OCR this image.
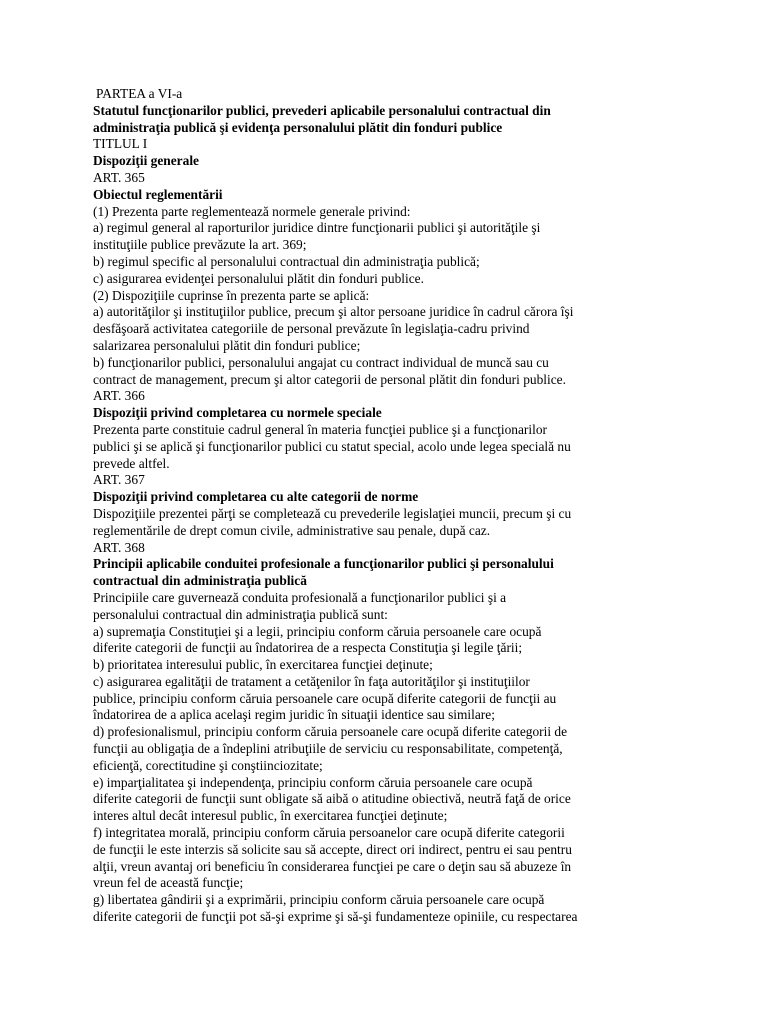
PARTEA a VI-a
Statutul funcţionarilor publici, prevederi aplicabile personalului contractual din
administraţia publică şi evidenţa personalului plătit din fonduri publice
TITLUL I
Dispoziţii generale
ART. 365
Obiectul reglementării
(1) Prezenta parte reglementează normele generale privind:
a) regimul general al raporturilor juridice dintre funcţionarii publici şi autorităţile şi
instituţiile publice prevăzute la art. 369;
b) regimul specific al personalului contractual din administraţia publică;
c) asigurarea evidenţei personalului plătit din fonduri publice.
(2) Dispoziţiile cuprinse în prezenta parte se aplică:
a) autorităţilor şi instituţiilor publice, precum şi altor persoane juridice în cadrul cărora îşi
desfăşoară activitatea categoriile de personal prevăzute în legislaţia-cadru privind
salarizarea personalului plătit din fonduri publice;
b) funcţionarilor publici, personalului angajat cu contract individual de muncă sau cu
contract de management, precum şi altor categorii de personal plătit din fonduri publice.
ART. 366
Dispoziţii privind completarea cu normele speciale
Prezenta parte constituie cadrul general în materia funcţiei publice şi a funcţionarilor
publici şi se aplică şi funcţionarilor publici cu statut special, acolo unde legea specială nu
prevede altfel.
ART. 367
Dispoziţii privind completarea cu alte categorii de norme
Dispoziţiile prezentei părţi se completează cu prevederile legislaţiei muncii, precum şi cu
reglementările de drept comun civile, administrative sau penale, după caz.
ART. 368
Principii aplicabile conduitei profesionale a funcţionarilor publici şi personalului
contractual din administraţia publică
Principiile care guvernează conduita profesională a funcţionarilor publici şi a
personalului contractual din administraţia publică sunt:
a) supremaţia Constituţiei şi a legii, principiu conform căruia persoanele care ocupă
diferite categorii de funcţii au îndatorirea de a respecta Constituţia şi legile ţării;
b) prioritatea interesului public, în exercitarea funcţiei deţinute;
c) asigurarea egalităţii de tratament a cetăţenilor în faţa autorităţilor şi instituţiilor
publice, principiu conform căruia persoanele care ocupă diferite categorii de funcţii au
îndatorirea de a aplica acelaşi regim juridic în situaţii identice sau similare;
d) profesionalismul, principiu conform căruia persoanele care ocupă diferite categorii de
funcţii au obligaţia de a îndeplini atribuţiile de serviciu cu responsabilitate, competenţă,
eficienţă, corectitudine şi conştiinciozitate;
e) imparţialitatea şi independenţa, principiu conform căruia persoanele care ocupă
diferite categorii de funcţii sunt obligate să aibă o atitudine obiectivă, neutră faţă de orice
interes altul decât interesul public, în exercitarea funcţiei deţinute;
f) integritatea morală, principiu conform căruia persoanelor care ocupă diferite categorii
de funcţii le este interzis să solicite sau să accepte, direct ori indirect, pentru ei sau pentru
alţii, vreun avantaj ori beneficiu în considerarea funcţiei pe care o deţin sau să abuzeze în
vreun fel de această funcţie;
g) libertatea gândirii şi a exprimării, principiu conform căruia persoanele care ocupă
diferite categorii de funcţii pot să-şi exprime şi să-şi fundamenteze opiniile, cu respectarea
